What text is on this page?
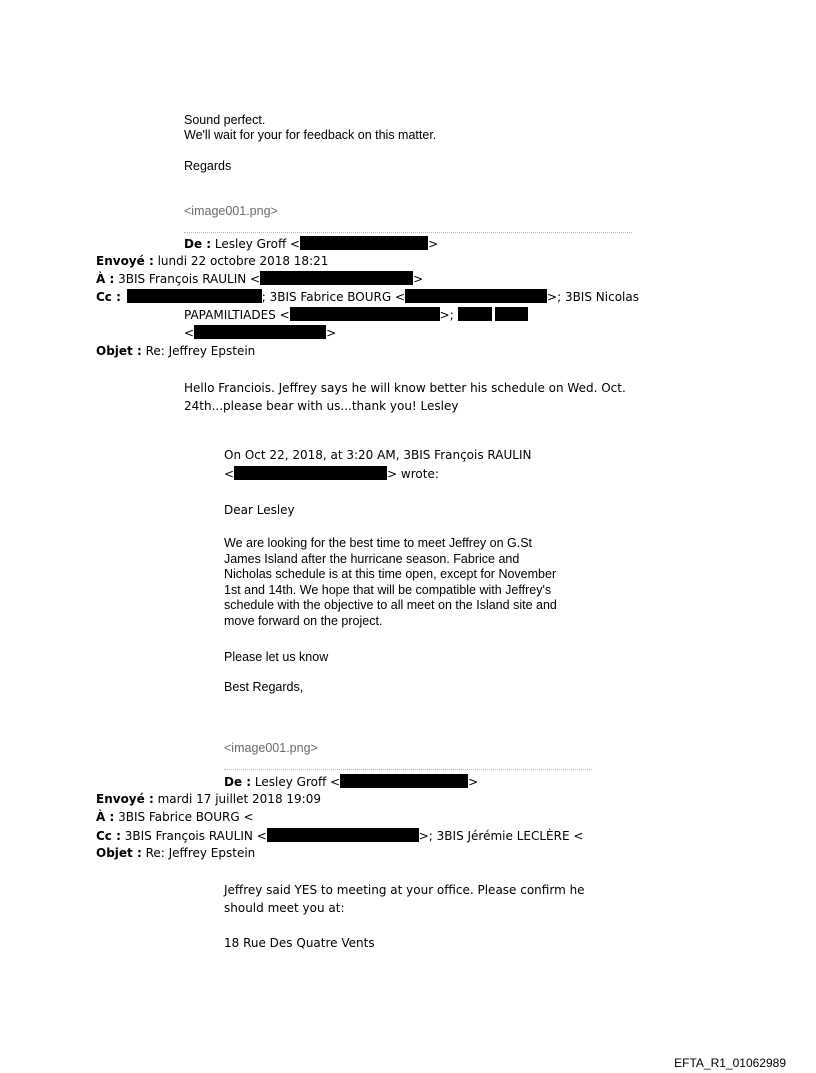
Sound perfect.
We'll wait for your for feedback on this matter.
Regards
<image001.png>
De : Lesley Groff <	>
Envoyé : lundi 22 octobre 2018 18:21
À : 3BIS François RAULIN <	>
Cc :	; 3BIS Fabrice BOURG <	>; 3BIS Nicolas
PAPAMILTIADES <	>;
<	>
Objet : Re: Jeffrey Epstein
Hello Franciois. Jeffrey says he will know better his schedule on Wed. Oct.
24th...please bear with us...thank you! Lesley
On Oct 22, 2018, at 3:20 AM, 3BIS François RAULIN
<	> wrote:
Dear Lesley
We are looking for the best time to meet Jeffrey on G.St
James Island after the hurricane season. Fabrice and
Nicholas schedule is at this time open, except for November
1st and 14th. We hope that will be compatible with Jeffrey's
schedule with the objective to all meet on the Island site and
move forward on the project.
Please let us know
Best Regards,
<image001.png>
De : Lesley Groff <	>
Envoyé : mardi 17 juillet 2018 19:09
À : 3BIS Fabrice BOURG <
Cc : 3BIS François RAULIN <	>; 3BIS Jérémie LECLÈRE <
Objet : Re: Jeffrey Epstein
Jeffrey said YES to meeting at your office. Please confirm he
should meet you at:
18 Rue Des Quatre Vents
EFTA_R1_01062989
